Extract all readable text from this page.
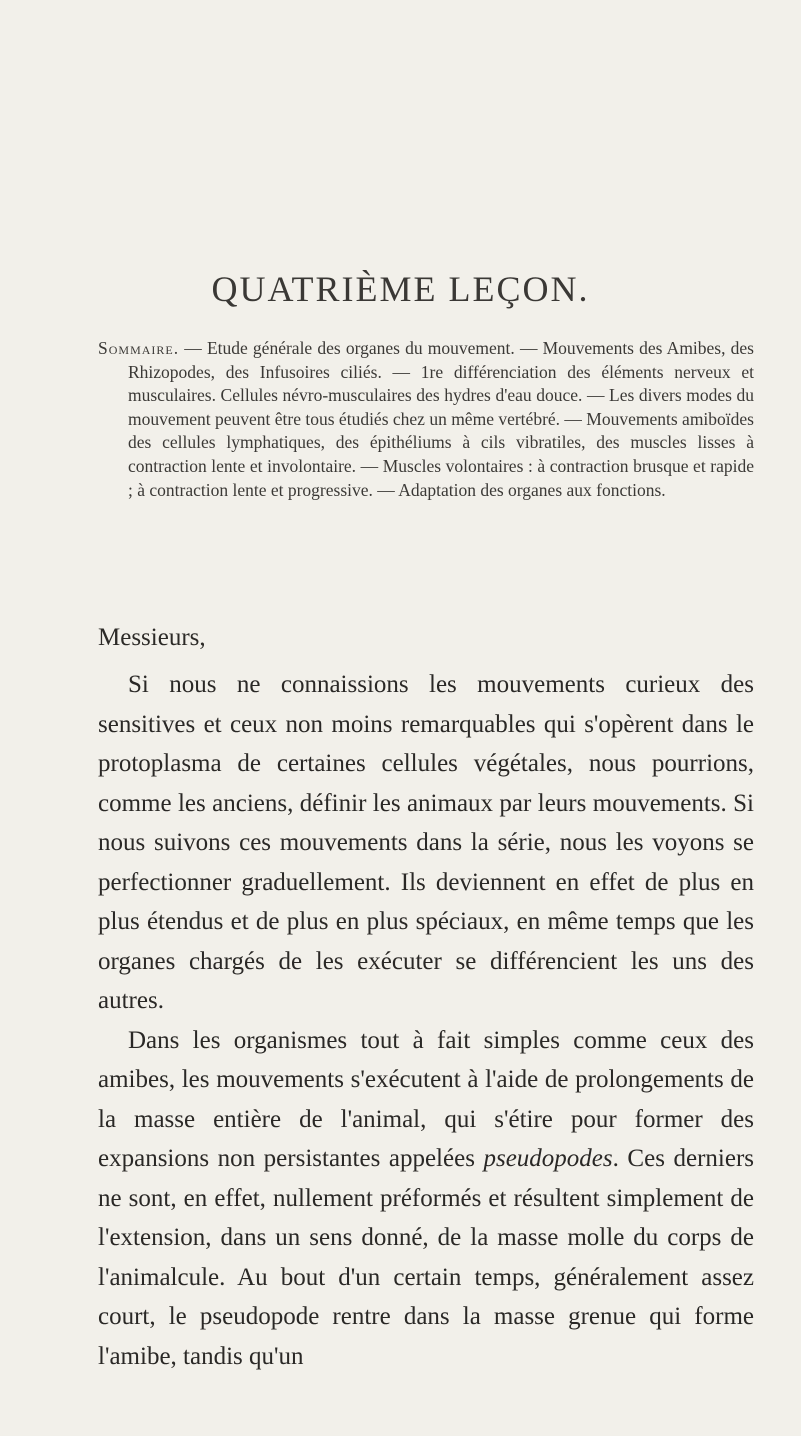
QUATRIÈME LEÇON.
Sommaire. — Etude générale des organes du mouvement. — Mouvements des Amibes, des Rhizopodes, des Infusoires ciliés. — 1re différenciation des éléments nerveux et musculaires. Cellules névro-musculaires des hydres d'eau douce. — Les divers modes du mouvement peuvent être tous étudiés chez un même vertébré. — Mouvements amiboïdes des cellules lymphatiques, des épithéliums à cils vibratiles, des muscles lisses à contraction lente et involontaire. — Muscles volontaires : à contraction brusque et rapide ; à contraction lente et progressive. — Adaptation des organes aux fonctions.
Messieurs,

Si nous ne connaissions les mouvements curieux des sensitives et ceux non moins remarquables qui s'opèrent dans le protoplasma de certaines cellules végétales, nous pourrions, comme les anciens, définir les animaux par leurs mouvements. Si nous suivons ces mouvements dans la série, nous les voyons se perfectionner graduellement. Ils deviennent en effet de plus en plus étendus et de plus en plus spéciaux, en même temps que les organes chargés de les exécuter se différencient les uns des autres.

Dans les organismes tout à fait simples comme ceux des amibes, les mouvements s'exécutent à l'aide de prolongements de la masse entière de l'animal, qui s'étire pour former des expansions non persistantes appelées pseudopodes. Ces derniers ne sont, en effet, nullement préformés et résultent simplement de l'extension, dans un sens donné, de la masse molle du corps de l'animalcule. Au bout d'un certain temps, généralement assez court, le pseudopode rentre dans la masse grenue qui forme l'amibe, tandis qu'un
